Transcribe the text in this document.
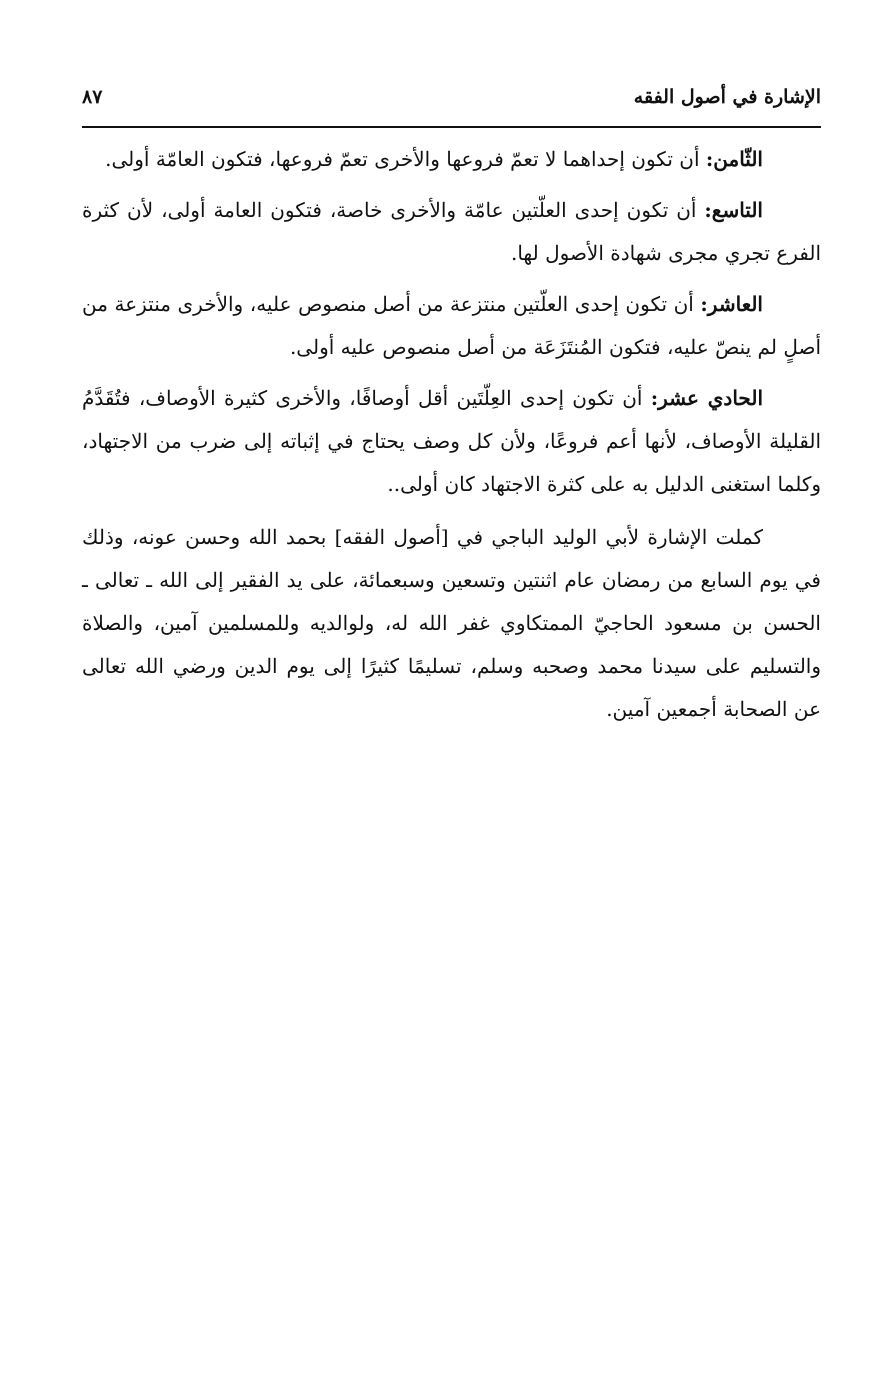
الإشارة في أصول الفقه
٨٧

الثّامن: أن تكون إحداهما لا تعمّ فروعها والأخرى تعمّ فروعها، فتكون العامّة أولى.

التاسع: أن تكون إحدى العلّتين عامّة والأخرى خاصة، فتكون العامة أولى، لأن كثرة الفرع تجري مجرى شهادة الأصول لها.

العاشر: أن تكون إحدى العلّتين منتزعة من أصل منصوص عليه، والأخرى منتزعة من أصلٍ لم ينصّ عليه، فتكون المُنتَزَعَة من أصل منصوص عليه أولى.

الحادي عشر: أن تكون إحدى العِلّتَين أقل أوصافًا، والأخرى كثيرة الأوصاف، فتُقَدَّمُ القليلة الأوصاف، لأنها أعم فروعًا، ولأن كل وصف يحتاج في إثباته إلى ضرب من الاجتهاد، وكلما استغنى الدليل به على كثرة الاجتهاد كان أولى..

كملت الإشارة لأبي الوليد الباجي في [أصول الفقه] بحمد الله وحسن عونه، وذلك في يوم السابع من رمضان عام اثنتين وتسعين وسبعمائة، على يد الفقير إلى الله ـ تعالى ـ الحسن بن مسعود الحاجيّ الممتكاوي غفر الله له، ولوالديه وللمسلمين آمين، والصلاة والتسليم على سيدنا محمد وصحبه وسلم، تسليمًا كثيرًا إلى يوم الدين ورضي الله تعالى عن الصحابة أجمعين آمين.
